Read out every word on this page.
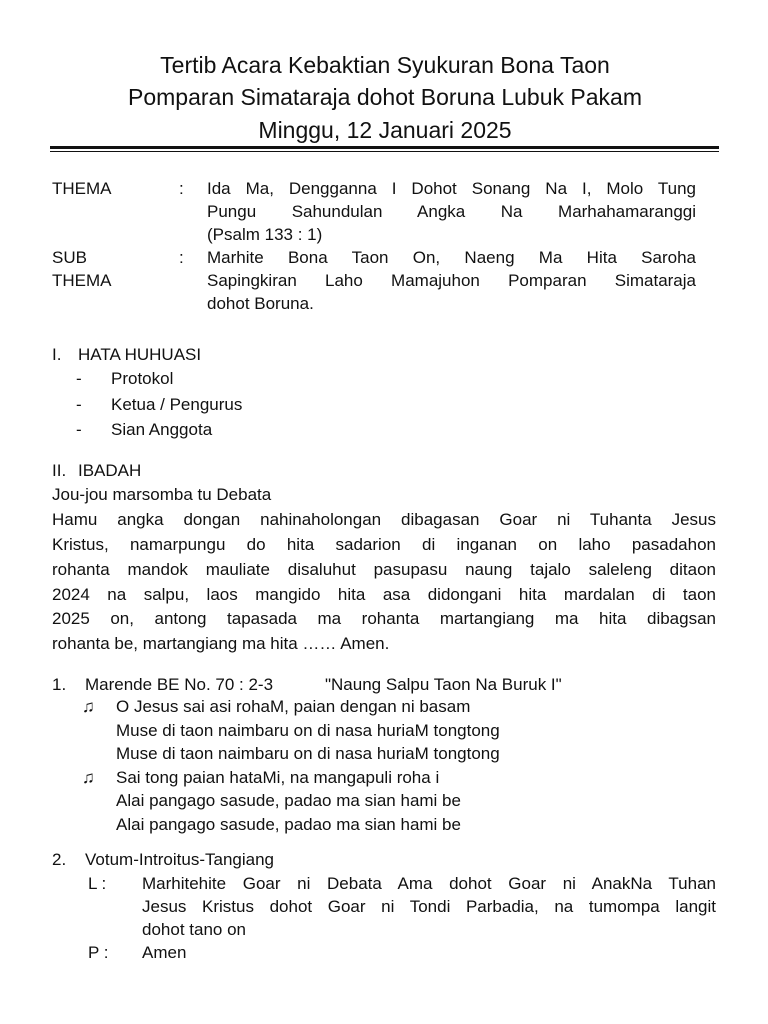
Tertib Acara Kebaktian Syukuran Bona Taon
Pomparan Simataraja dohot Boruna Lubuk Pakam
Minggu, 12 Januari 2025
THEMA	: Ida Ma, Dengganna I Dohot Sonang Na I, Molo Tung
Pungu Sahundulan Angka Na Marhahamaranggi
(Psalm 133 : 1)
SUB
THEMA
: Marhite Bona Taon On, Naeng Ma Hita Saroha
Sapingkiran Laho Mamajuhon Pomparan Simataraja
dohot Boruna.
I. HATA HUHUASI
- Protokol
- Ketua / Pengurus
- Sian Anggota
II. IBADAH
Jou-jou marsomba tu Debata
Hamu angka dongan nahinaholongan dibagasan Goar ni Tuhanta Jesus
Kristus, namarpungu do hita sadarion di inganan on laho pasadahon
rohanta mandok mauliate disaluhut pasupasu naung tajalo saleleng ditaon
2024 na salpu, laos mangido hita asa didongani hita mardalan di taon
2025 on, antong tapasada ma rohanta martangiang ma hita dibagsan
rohanta be, martangiang ma hita …… Amen.
1. Marende BE No. 70 : 2-3	"Naung Salpu Taon Na Buruk I"
♫ O Jesus sai asi rohaM, paian dengan ni basam
Muse di taon naimbaru on di nasa huriaM tongtong
Muse di taon naimbaru on di nasa huriaM tongtong
♫ Sai tong paian hataMi, na mangapuli roha i
Alai pangago sasude, padao ma sian hami be
Alai pangago sasude, padao ma sian hami be
2. Votum-Introitus-Tangiang
L : Marhitehite Goar ni Debata Ama dohot Goar ni AnakNa Tuhan
Jesus Kristus dohot Goar ni Tondi Parbadia, na tumompa langit
dohot tano on
P : Amen
